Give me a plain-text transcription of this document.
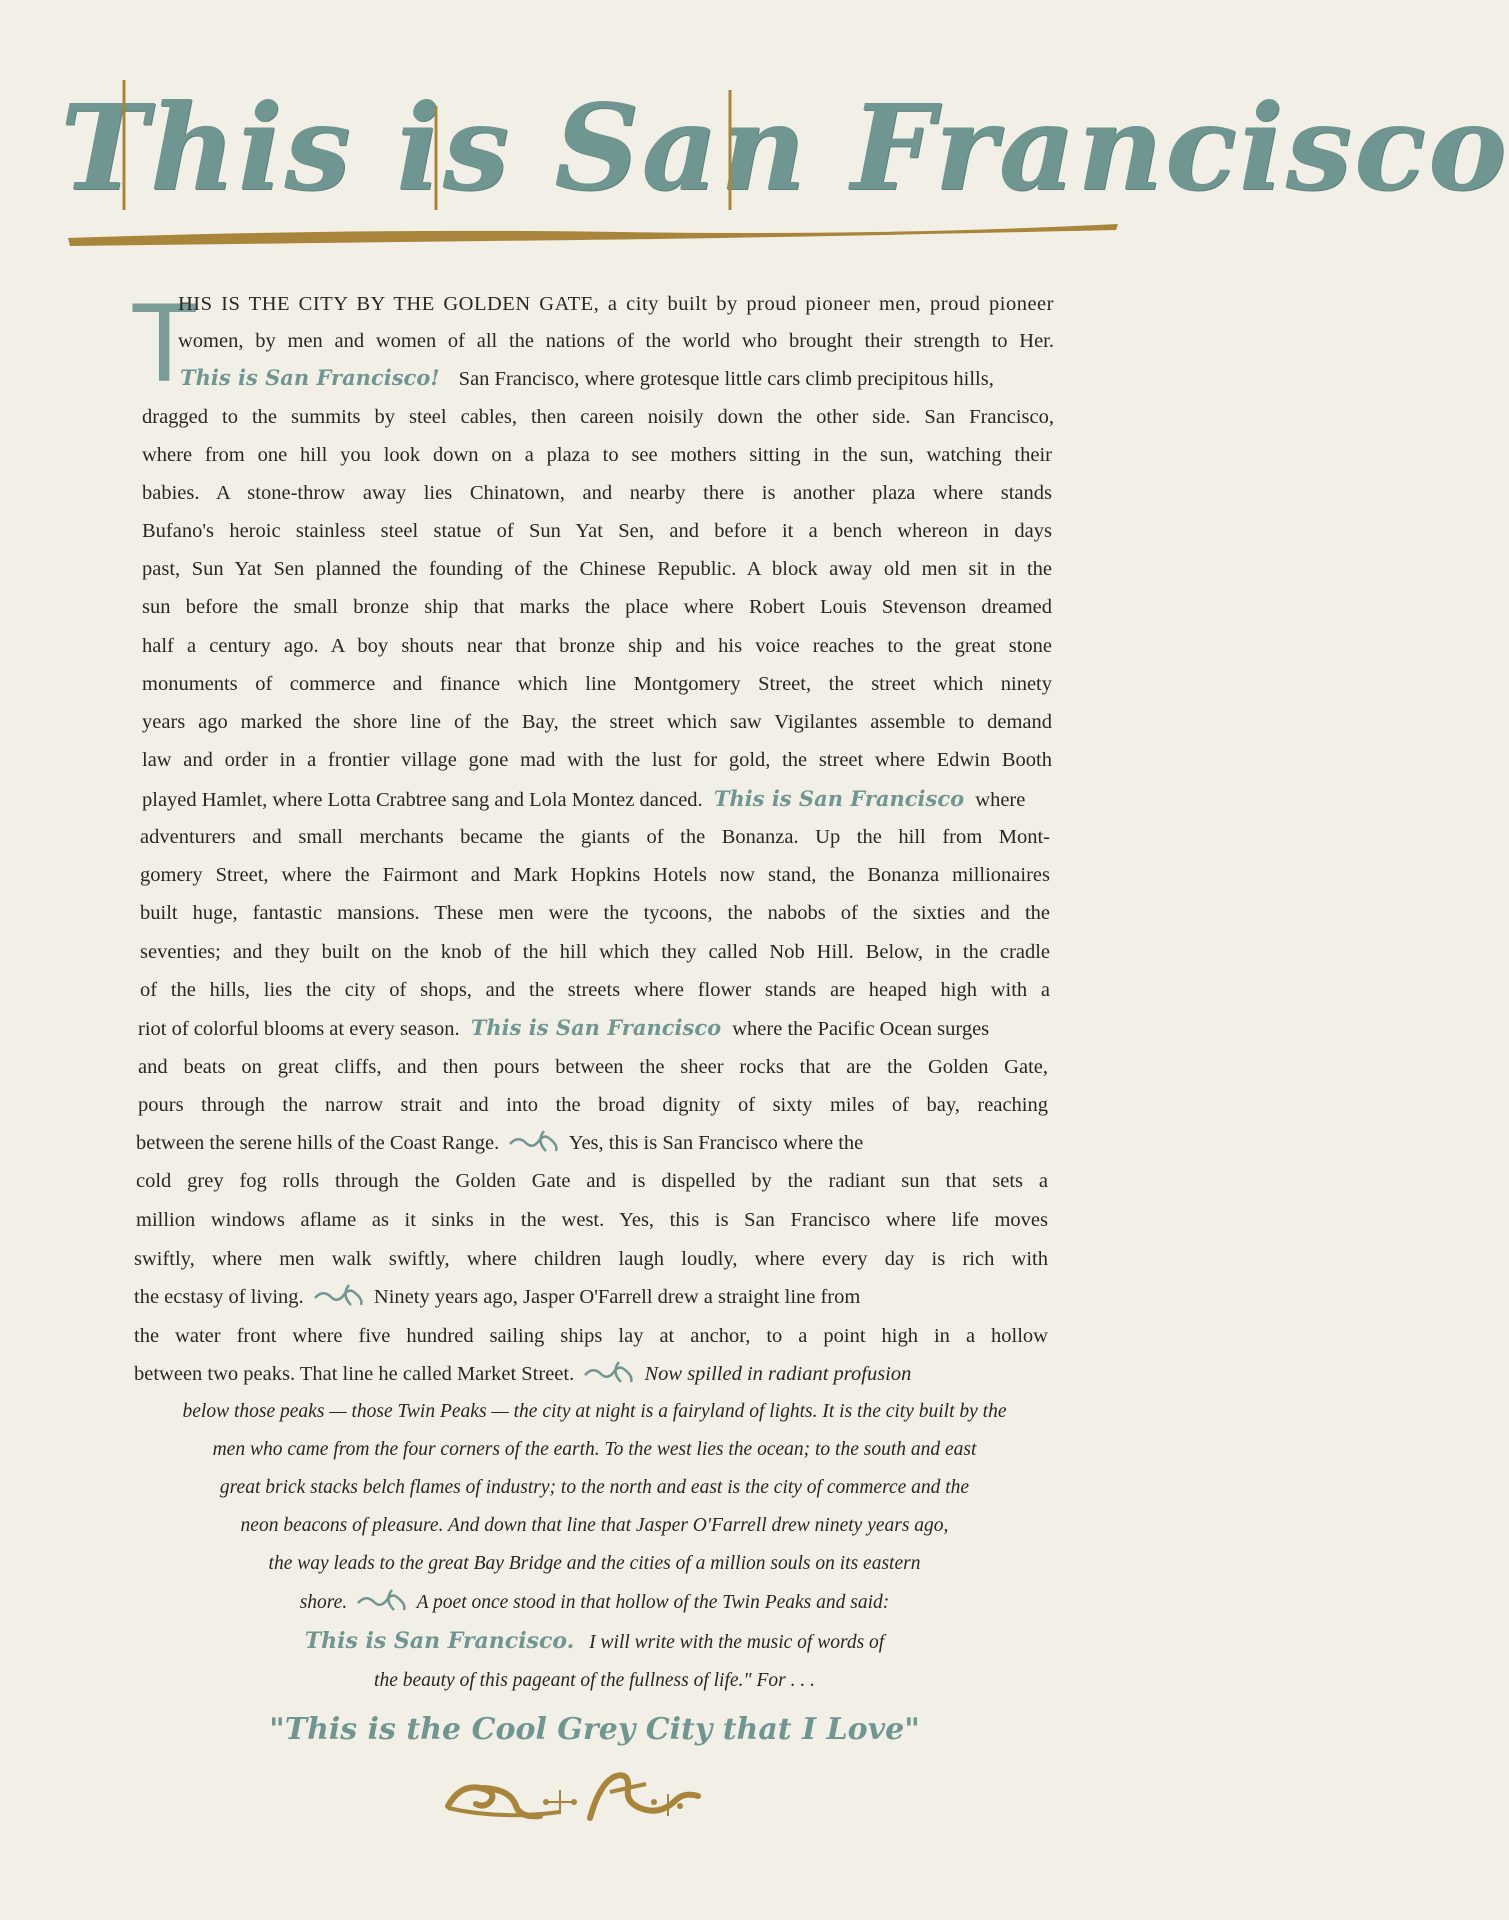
This is San Francisco
T
HIS IS THE CITY BY THE GOLDEN GATE, a city built by proud pioneer men, proud pioneer
women, by men and women of all the nations of the world who brought their strength to Her.
This is San Francisco! San Francisco, where grotesque little cars climb precipitous hills,
dragged to the summits by steel cables, then careen noisily down the other side. San Francisco,
where from one hill you look down on a plaza to see mothers sitting in the sun, watching their
babies. A stone-throw away lies Chinatown, and nearby there is another plaza where stands
Bufano's heroic stainless steel statue of Sun Yat Sen, and before it a bench whereon in days
past, Sun Yat Sen planned the founding of the Chinese Republic. A block away old men sit in the
sun before the small bronze ship that marks the place where Robert Louis Stevenson dreamed
half a century ago. A boy shouts near that bronze ship and his voice reaches to the great stone
monuments of commerce and finance which line Montgomery Street, the street which ninety
years ago marked the shore line of the Bay, the street which saw Vigilantes assemble to demand
law and order in a frontier village gone mad with the lust for gold, the street where Edwin Booth
played Hamlet, where Lotta Crabtree sang and Lola Montez danced. This is San Francisco where
adventurers and small merchants became the giants of the Bonanza. Up the hill from Mont-
gomery Street, where the Fairmont and Mark Hopkins Hotels now stand, the Bonanza millionaires
built huge, fantastic mansions. These men were the tycoons, the nabobs of the sixties and the
seventies; and they built on the knob of the hill which they called Nob Hill. Below, in the cradle
of the hills, lies the city of shops, and the streets where flower stands are heaped high with a
riot of colorful blooms at every season. This is San Francisco where the Pacific Ocean surges
and beats on great cliffs, and then pours between the sheer rocks that are the Golden Gate,
pours through the narrow strait and into the broad dignity of sixty miles of bay, reaching
between the serene hills of the Coast Range.	Yes, this is San Francisco where the
cold grey fog rolls through the Golden Gate and is dispelled by the radiant sun that sets a
million windows aflame as it sinks in the west. Yes, this is San Francisco where life moves
swiftly, where men walk swiftly, where children laugh loudly, where every day is rich with
the ecstasy of living.	Ninety years ago, Jasper O'Farrell drew a straight line from
the water front where five hundred sailing ships lay at anchor, to a point high in a hollow
between two peaks. That line he called Market Street.	Now spilled in radiant profusion
below those peaks — those Twin Peaks — the city at night is a fairyland of lights. It is the city built by the
men who came from the four corners of the earth. To the west lies the ocean; to the south and east
great brick stacks belch flames of industry; to the north and east is the city of commerce and the
neon beacons of pleasure. And down that line that Jasper O'Farrell drew ninety years ago,
the way leads to the great Bay Bridge and the cities of a million souls on its eastern
shore.	A poet once stood in that hollow of the Twin Peaks and said:
This is San Francisco. I will write with the music of words of
the beauty of this pageant of the fullness of life." For . . .
"This is the Cool Grey City that I Love"
